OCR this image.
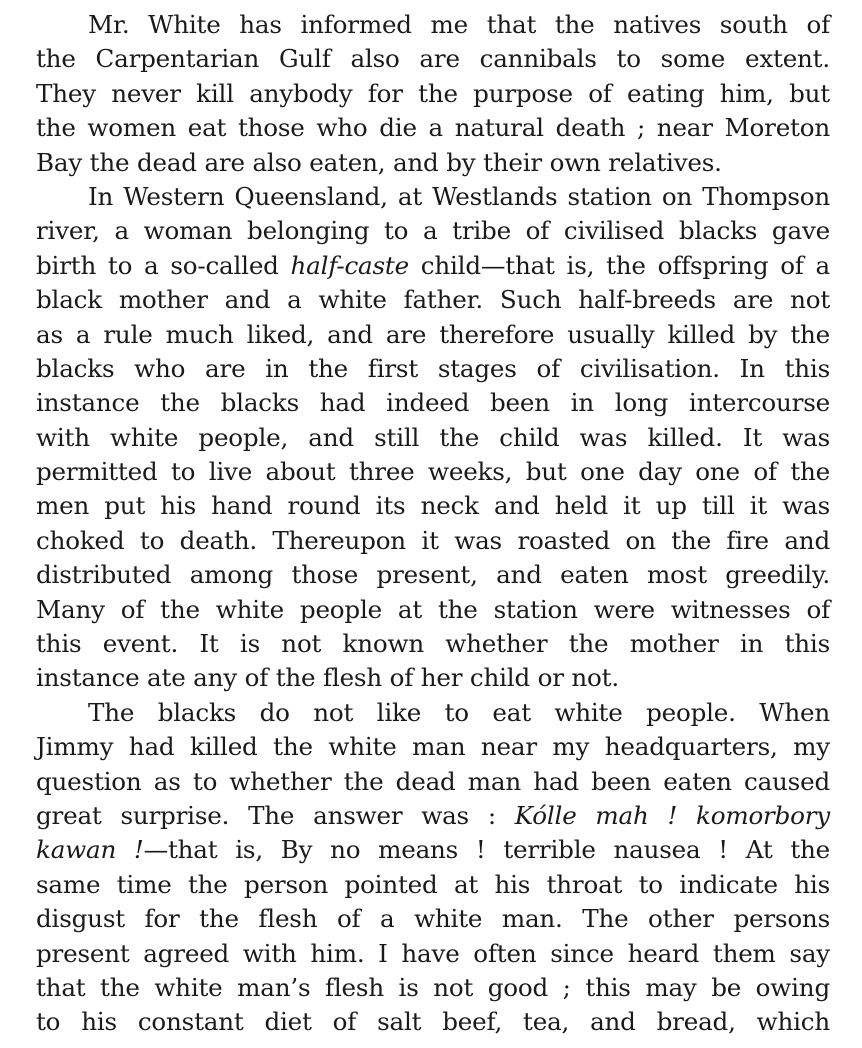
Mr. White has informed me that the natives south of
the Carpentarian Gulf also are cannibals to some extent.
They never kill anybody for the purpose of eating him, but
the women eat those who die a natural death ; near Moreton
Bay the dead are also eaten, and by their own relatives.
In Western Queensland, at Westlands station on Thompson
river, a woman belonging to a tribe of civilised blacks gave
birth to a so-called half-caste child—that is, the offspring of a
black mother and a white father. Such half-breeds are not
as a rule much liked, and are therefore usually killed by the
blacks who are in the first stages of civilisation. In this
instance the blacks had indeed been in long intercourse
with white people, and still the child was killed. It was
permitted to live about three weeks, but one day one of the
men put his hand round its neck and held it up till it was
choked to death. Thereupon it was roasted on the fire and
distributed among those present, and eaten most greedily.
Many of the white people at the station were witnesses of
this event. It is not known whether the mother in this
instance ate any of the flesh of her child or not.
The blacks do not like to eat white people. When
Jimmy had killed the white man near my headquarters, my
question as to whether the dead man had been eaten caused
great surprise. The answer was : Kólle mah ! komorbory
kawan !—that is, By no means ! terrible nausea ! At the
same time the person pointed at his throat to indicate his
disgust for the flesh of a white man. The other persons
present agreed with him. I have often since heard them say
that the white man’s flesh is not good ; this may be owing
to his constant diet of salt beef, tea, and bread, which
